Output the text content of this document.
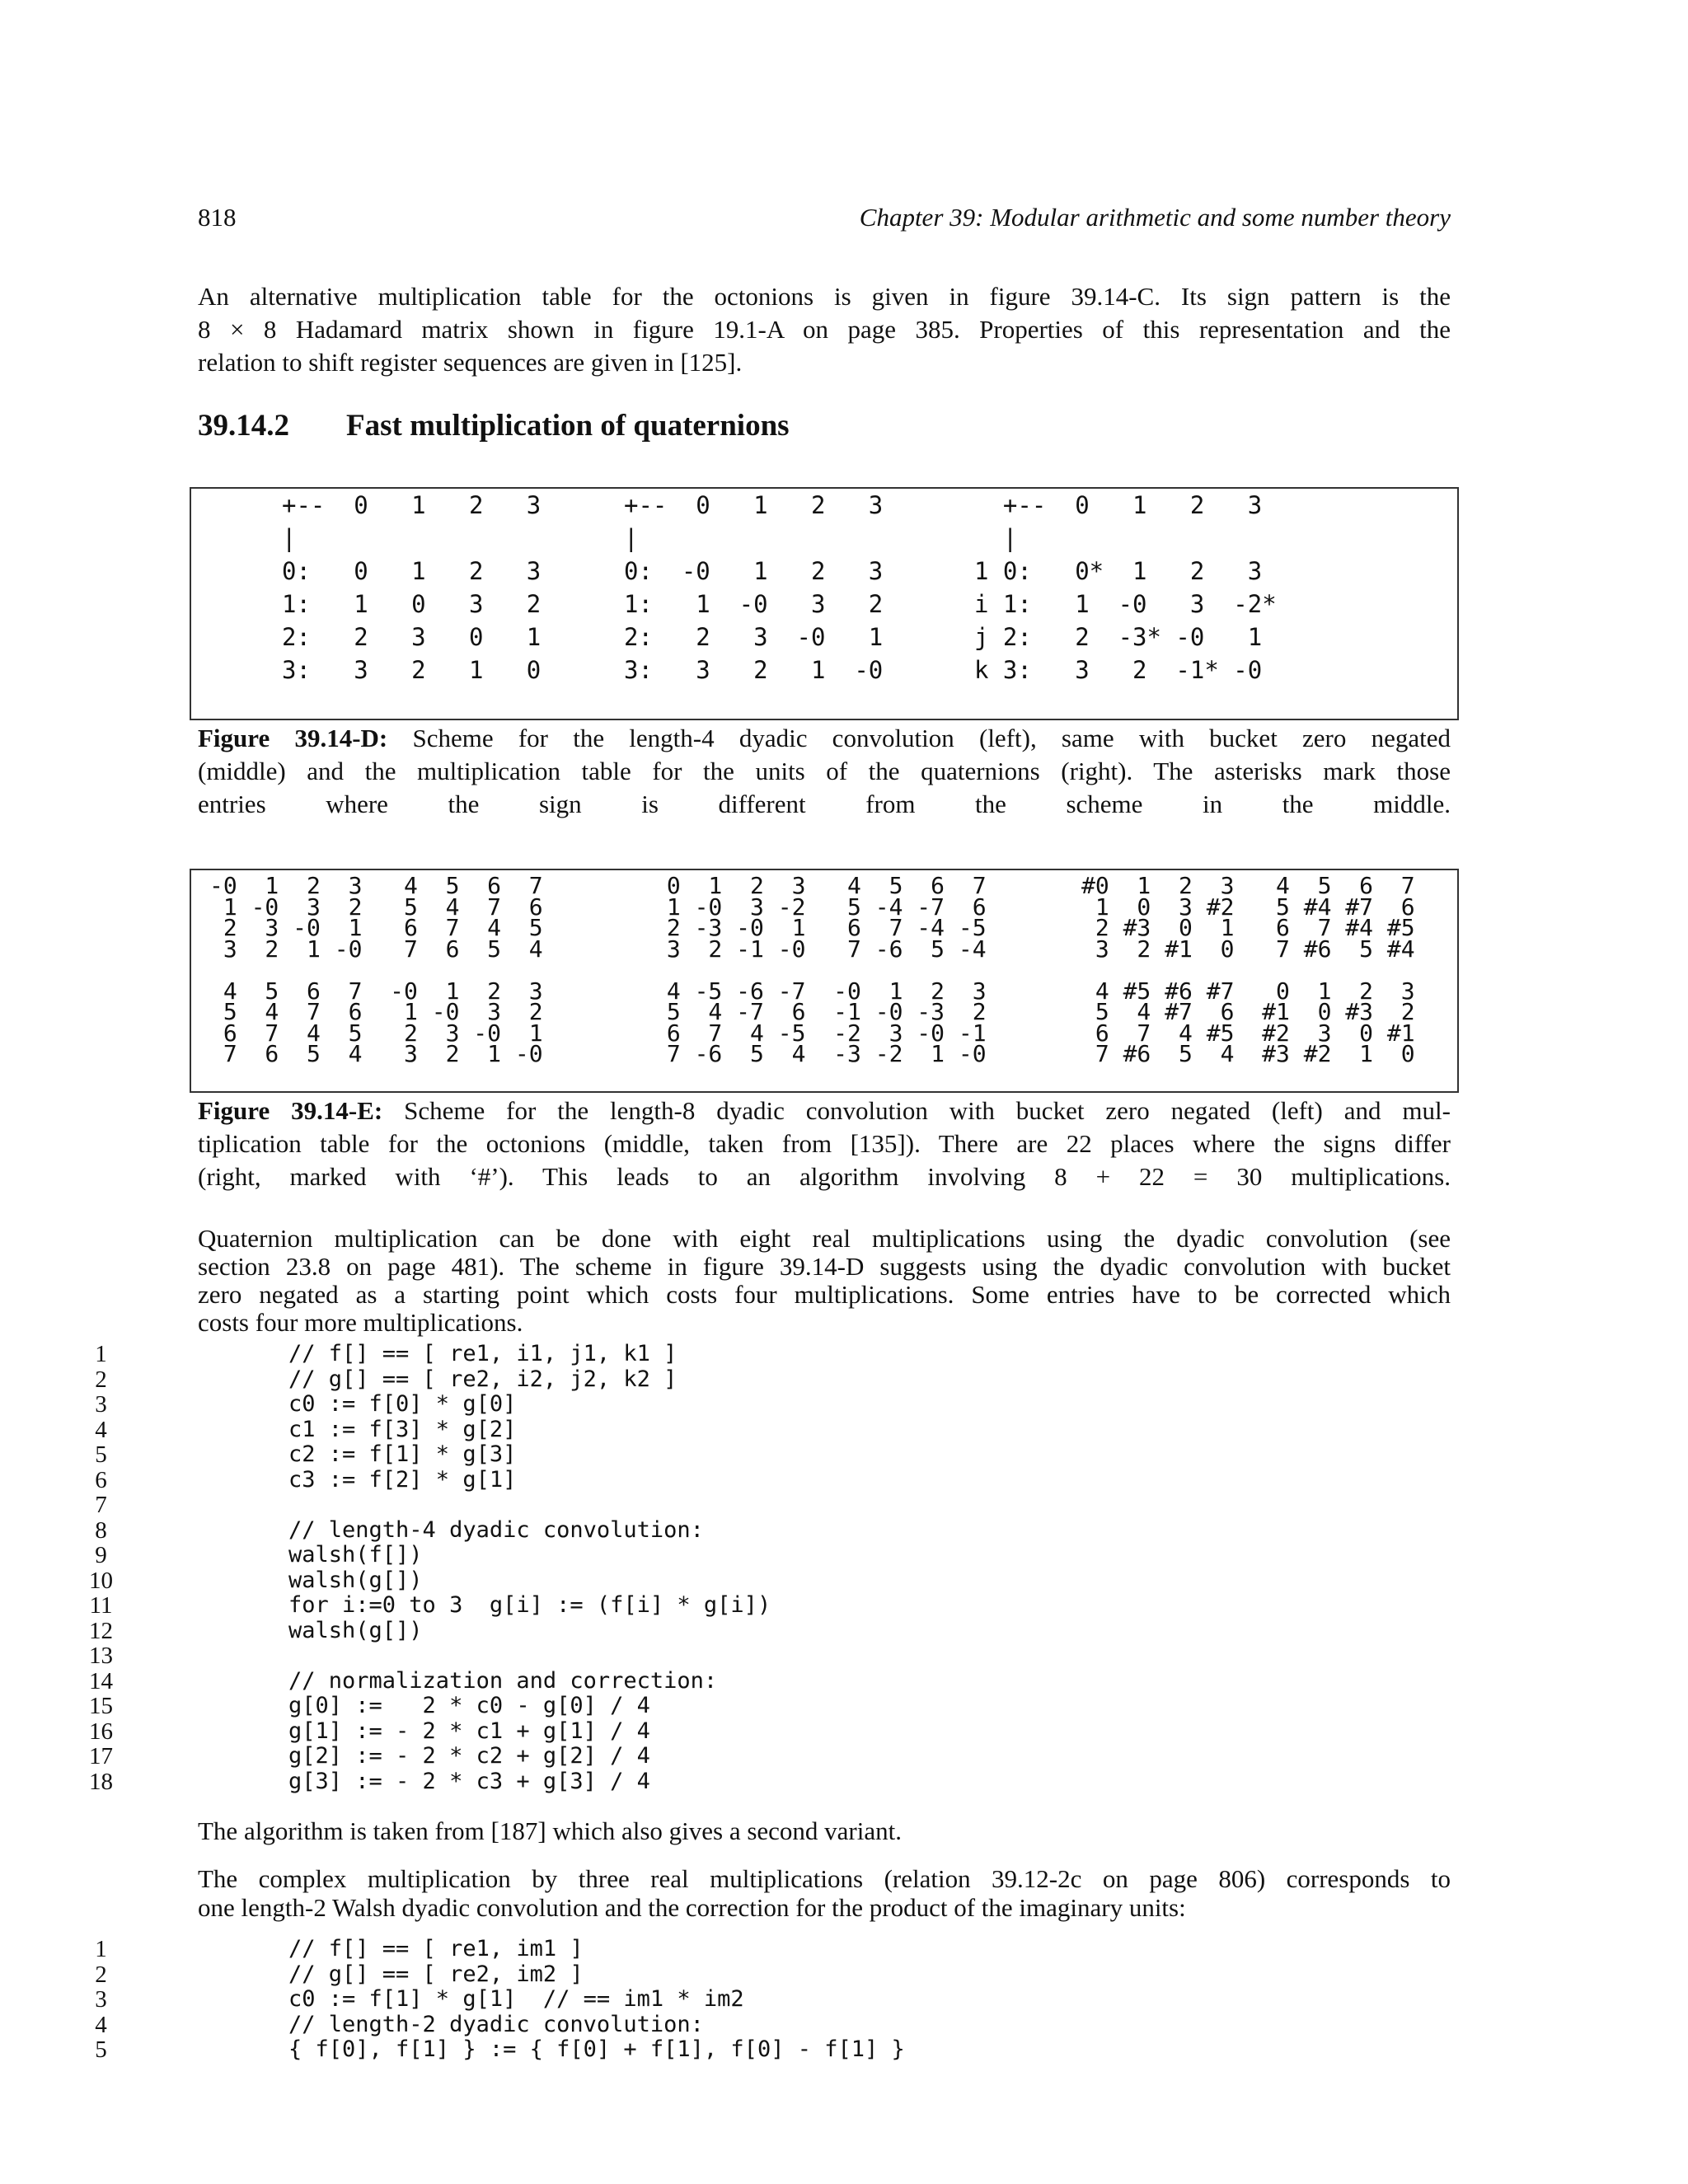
818	Chapter 39: Modular arithmetic and some number theory
An alternative multiplication table for the octonions is given in figure 39.14-C. Its sign pattern is the
8 × 8 Hadamard matrix shown in figure 19.1-A on page 385. Properties of this representation and the
relation to shift register sequences are given in [125].
39.14.2 Fast multiplication of quaternions
+--  0   1   2   3
|
0:   0   1   2   3
1:   1   0   3   2
2:   2   3   0   1
3:   3   2   1   0
+--  0   1   2   3
|
0:  -0   1   2   3
1:   1  -0   3   2
2:   2   3  -0   1
3:   3   2   1  -0
+--  0   1   2   3
|
1 0:   0*  1   2   3
i 1:   1  -0   3  -2*
j 2:   2  -3* -0   1
k 3:   3   2  -1* -0

Figure 39.14-D: Scheme for the length-4 dyadic convolution (left), same with bucket zero negated
(middle) and the multiplication table for the units of the quaternions (right). The asterisks mark those
entries where the sign is different from the scheme in the middle.

-0  1  2  3   4  5  6  7
1 -0  3  2   5  4  7  6
2  3 -0  1   6  7  4  5
3  2  1 -0   7  6  5  4

4  5  6  7  -0  1  2  3
5  4  7  6   1 -0  3  2
6  7  4  5   2  3 -0  1
7  6  5  4   3  2  1 -0
0  1  2  3   4  5  6  7
1 -0  3 -2   5 -4 -7  6
2 -3 -0  1   6  7 -4 -5
3  2 -1 -0   7 -6  5 -4

4 -5 -6 -7  -0  1  2  3
5  4 -7  6  -1 -0 -3  2
6  7  4 -5  -2  3 -0 -1
7 -6  5  4  -3 -2  1 -0
#0  1  2  3   4  5  6  7
1  0  3 #2   5 #4 #7  6
2 #3  0  1   6  7 #4 #5
3  2 #1  0   7 #6  5 #4

4 #5 #6 #7   0  1  2  3
5  4 #7  6  #1  0 #3  2
6  7  4 #5  #2  3  0 #1
7 #6  5  4  #3 #2  1  0

Figure 39.14-E: Scheme for the length-8 dyadic convolution with bucket zero negated (left) and mul-
tiplication table for the octonions (middle, taken from [135]). There are 22 places where the signs differ
(right, marked with ‘#’). This leads to an algorithm involving 8 + 22 = 30 multiplications.

Quaternion multiplication can be done with eight real multiplications using the dyadic convolution (see
section 23.8 on page 481). The scheme in figure 39.14-D suggests using the dyadic convolution with bucket
zero negated as a starting point which costs four multiplications. Some entries have to be corrected which
costs four more multiplications.
1	// f[] == [ re1, i1, j1, k1 ]
2	// g[] == [ re2, i2, j2, k2 ]
3	c0 := f[0] * g[0]
4	c1 := f[3] * g[2]
5	c2 := f[1] * g[3]
6	c3 := f[2] * g[1]
7
8	// length-4 dyadic convolution:
9	walsh(f[])
10	walsh(g[])
11	for i:=0 to 3  g[i] := (f[i] * g[i])
12	walsh(g[])
13
14	// normalization and correction:
15	g[0] :=   2 * c0 - g[0] / 4
16	g[1] := - 2 * c1 + g[1] / 4
17	g[2] := - 2 * c2 + g[2] / 4
18	g[3] := - 2 * c3 + g[3] / 4

The algorithm is taken from [187] which also gives a second variant.

The complex multiplication by three real multiplications (relation 39.12-2c on page 806) corresponds to
one length-2 Walsh dyadic convolution and the correction for the product of the imaginary units:
1	// f[] == [ re1, im1 ]
2	// g[] == [ re2, im2 ]
3	c0 := f[1] * g[1]  // == im1 * im2
4	// length-2 dyadic convolution:
5	{ f[0], f[1] } := { f[0] + f[1], f[0] - f[1] }
